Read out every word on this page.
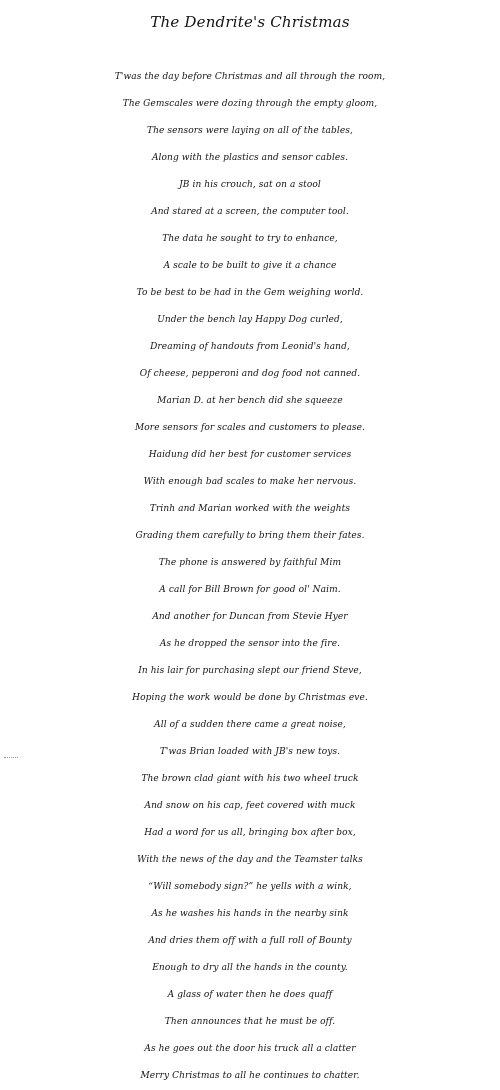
The Dendrite's Christmas
T'was the day before Christmas and all through the room,
The Gemscales were dozing through the empty gloom,
The sensors were laying on all of the tables,
Along with the plastics and sensor cables.
JB in his crouch, sat on a stool
And stared at a screen, the computer tool.
The data he sought to try to enhance,
A scale to be built to give it a chance
To be best to be had in the Gem weighing world.
Under the bench lay Happy Dog curled,
Dreaming of handouts from Leonid's hand,
Of cheese, pepperoni and dog food not canned.
Marian D. at her bench did she squeeze
More sensors for scales and customers to please.
Haidung did her best for customer services
With enough bad scales to make her nervous.
Trinh and Marian worked with the weights
Grading them carefully to bring them their fates.
The phone is answered by faithful Mim
A call for Bill Brown for good ol' Naim.
And another for Duncan from Stevie Hyer
As he dropped the sensor into the fire.
In his lair for purchasing slept our friend Steve,
Hoping the work would be done by Christmas eve.
All of a sudden there came a great noise,
T'was Brian loaded with JB's new toys.
The brown clad giant with his two wheel truck
And snow on his cap, feet covered with muck
Had a word for us all, bringing box after box,
With the news of the day and the Teamster talks
“Will somebody sign?” he yells with a wink,
As he washes his hands in the nearby sink
And dries them off with a full roll of Bounty
Enough to dry all the hands in the county.
A glass of water then he does quaff
Then announces that he must be off.
As he goes out the door his truck all a clatter
Merry Christmas to all he continues to chatter.
